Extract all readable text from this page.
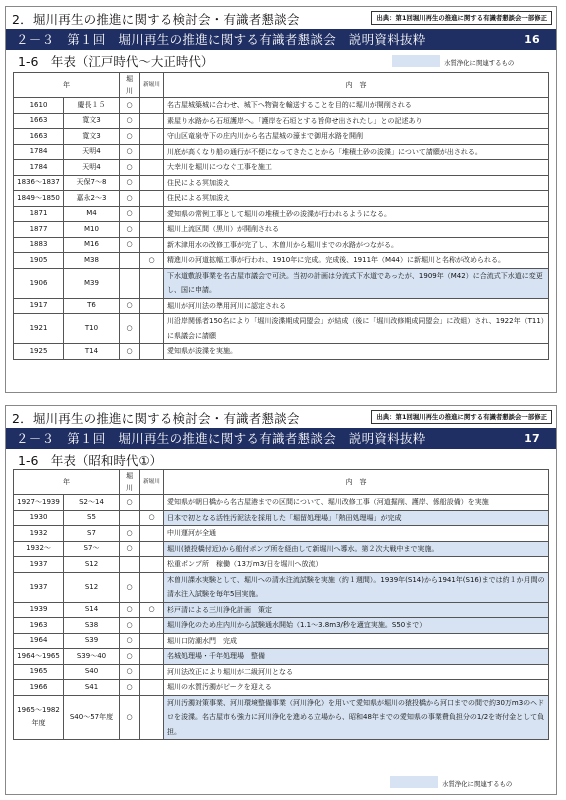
2．堀川再生の推進に関する検討会・有識者懇談会	出典：第1回堀川再生の推進に関する有識者懇談会一部修正
２－３　第１回　堀川再生の推進に関する有識者懇談会　説明資料抜粋	16
1-6　年表（江戸時代〜大正時代）	水質浄化に関連するもの
年		堀川	新堀川	内　容
1610	慶長１５	○		名古屋城築城に合わせ、城下へ物資を輸送することを目的に堀川が開削される
1663	寛文3	○		素屋り水路から石垣護岸へ。「護岸を石垣とする旨仰せ出されたし」との記述あり
1663	寛文3	○		守山区竜泉寺下の庄内川から名古屋城の濠まで御用水路を開削
1784	天明4	○		川底が高くなり船の通行が不便になってきたことから「堆積土砂の浚渫」について請願が出される。
1784	天明4	○		大幸川を堀川につなぐ工事を施工
1836〜1837	天保7〜8	○		住民による冥加浚え
1849〜1850	嘉永2〜3	○		住民による冥加浚え
1871	M4	○		愛知県の常例工事として堀川の堆積土砂の浚渫が行われるようになる。
1877	M10	○		堀川上流区間（黒川）が開削される
1883	M16	○		新木津用水の改修工事が完了し、木曽川から堀川までの水路がつながる。
1905	M38		○	精進川の河道拡幅工事が行われ、1910年に完成。完成後、1911年（M44）に新堀川と名称が改められる。
1906	M39			下水道敷設事業を名古屋市議会で可決。当初の計画は分流式下水道であったが、1909年（M42）に合流式下水道に変更し、国に申請。
1917	T6	○		堀川が河川法の準用河川に認定される
1921	T10	○		川沿岸関係者150名により「堀川浚渫期成同盟会」が結成（後に「堀川改修期成同盟会」に改組）され、1922年（T11）に県議会に請願
1925	T14	○		愛知県が浚渫を実施。
2．堀川再生の推進に関する検討会・有識者懇談会	出典：第1回堀川再生の推進に関する有識者懇談会一部修正
２－３　第１回　堀川再生の推進に関する有識者懇談会　説明資料抜粋	17
1-6　年表（昭和時代①）
年		堀川	新堀川	内　容
1927〜1939	S2〜14	○		愛知県が朝日橋から名古屋港までの区間について、堀川改修工事（河道掘削、護岸、係船設備）を実施
1930	S5		○	日本で初となる活性汚泥法を採用した「堀留処理場」「熱田処理場」が完成
1932	S7	○		中川運河が全通
1932〜	S7〜	○		堀川(猿投橋付近)から船付ポンプ所を経由して新堀川へ導水。第２次大戦中まで実施。
1937	S12			松重ポンプ所　稼働（13万m3/日を堀川へ放流）
1937	S12	○		木曽川課水実験として、堀川への清水注流試験を実施（約１週間）。1939年(S14)から1941年(S16)までは約１か月間の清水注入試験を毎年5回実施。
1939	S14	○	○	杉戸清による三川浄化計画　策定
1963	S38	○		堀川浄化のため庄内川から試験通水開始（1.1〜3.8m3/秒を適宜実施。S50まで）
1964	S39	○		堀川口防潮水門　完成
1964〜1965	S39〜40	○		名城処理場・千年処理場　整備
1965	S40	○		河川法改正により堀川が二級河川となる
1966	S41	○		堀川の水質汚濁がピークを迎える
1965〜1982年度	S40〜57年度	○		河川汚濁対策事業、河川環境整備事業（河川浄化）を用いて愛知県が堀川の猿投橋から河口までの間で約30万m3のヘドロを浚渫。名古屋市も強力に河川浄化を進める立場から、昭和48年までの愛知県の事業費負担分の1/2を寄付金として負担。
水質浄化に関連するもの
